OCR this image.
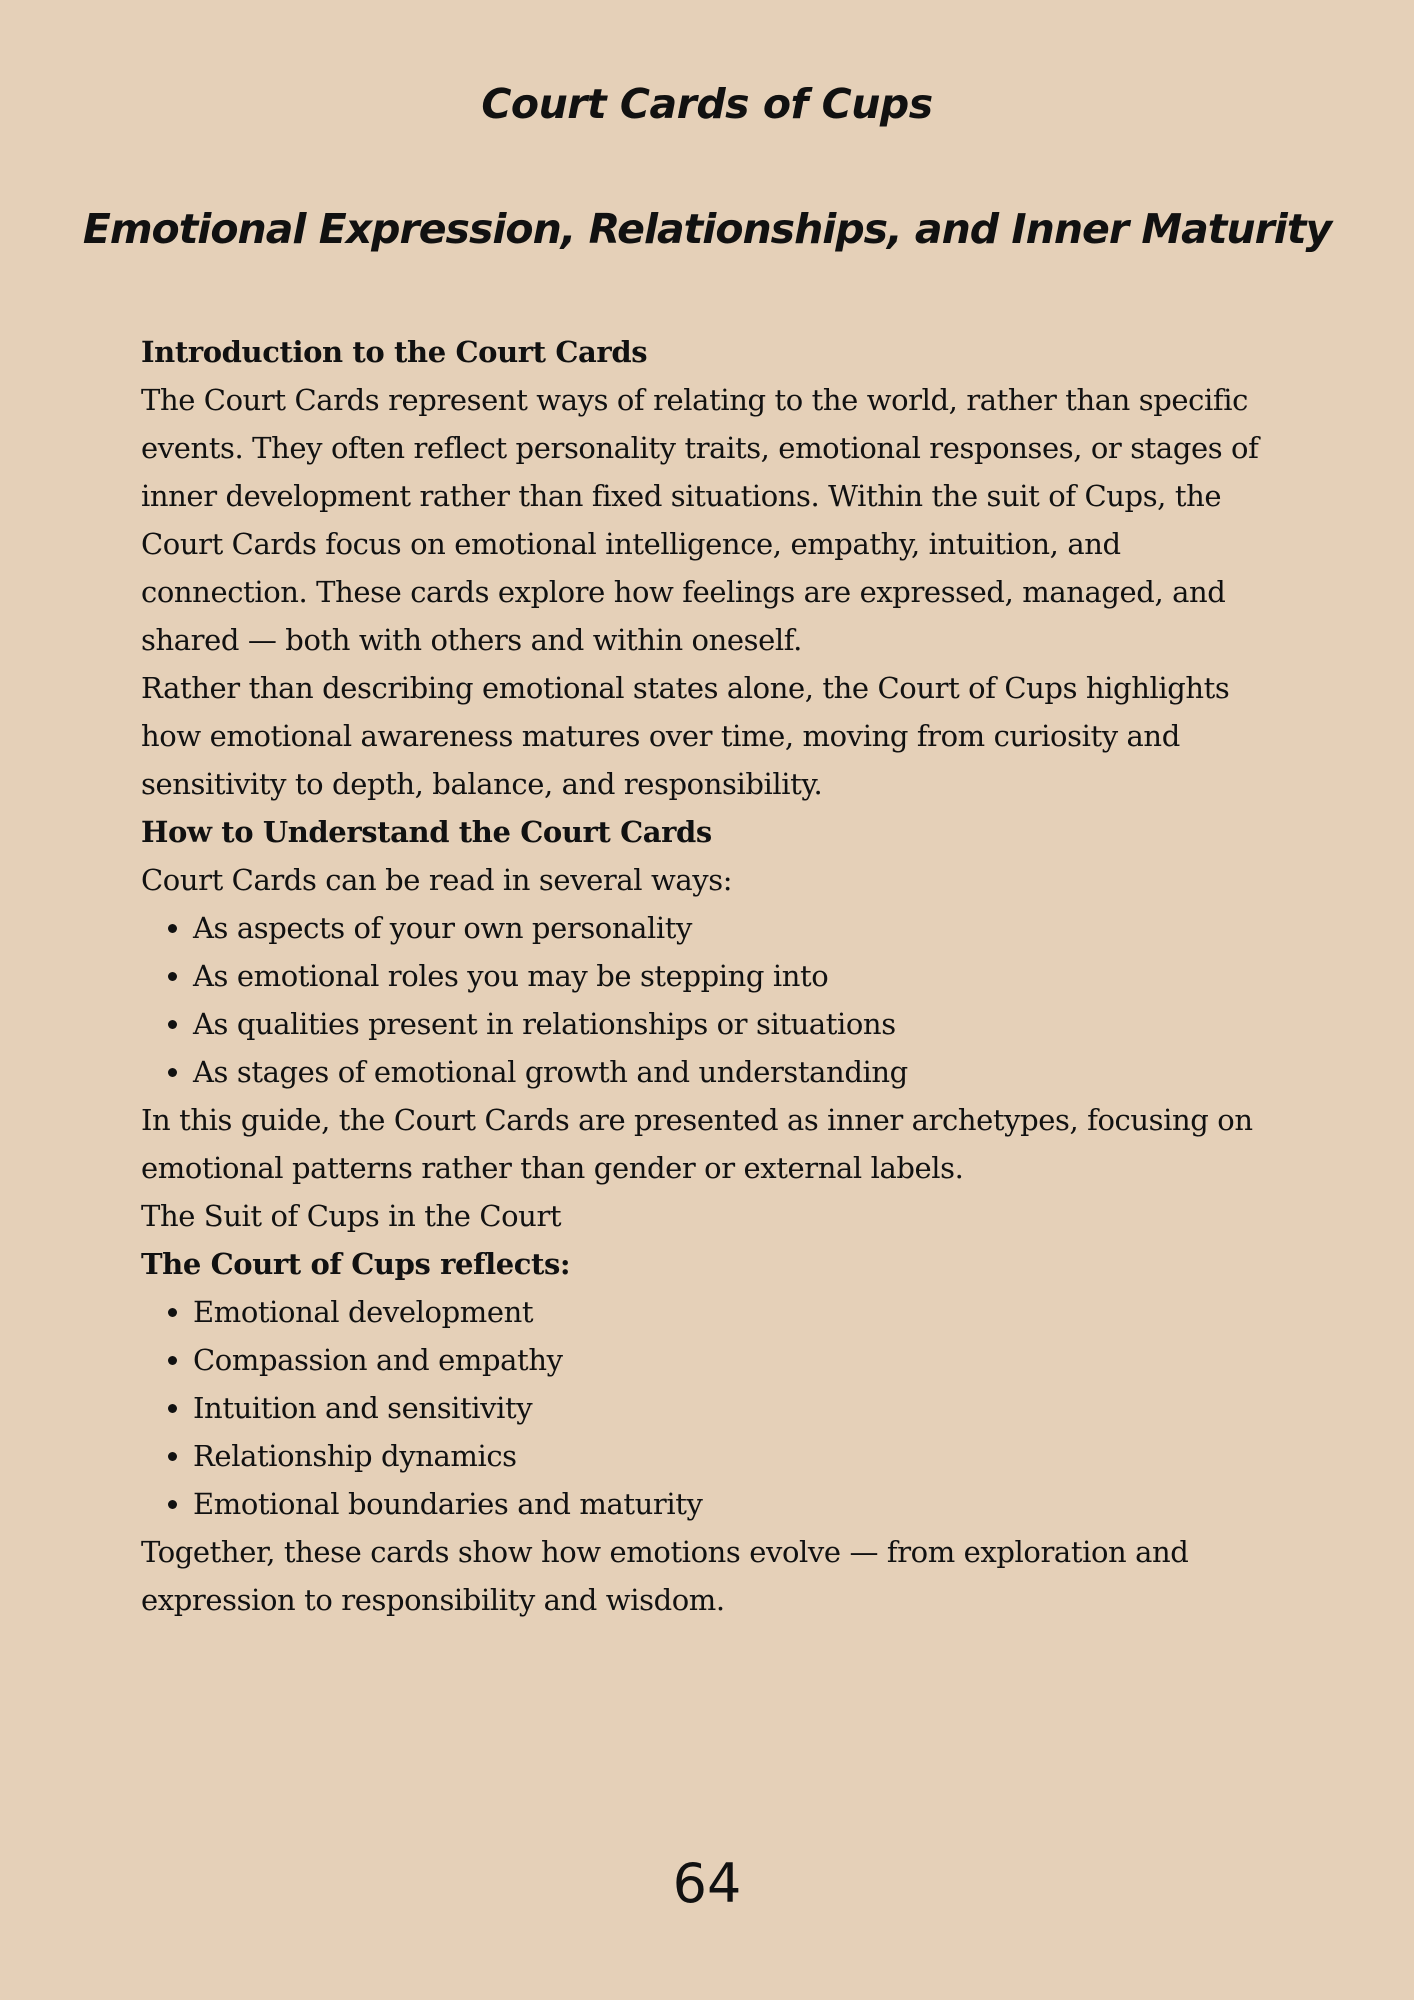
Court Cards of Cups
Emotional Expression, Relationships, and Inner Maturity

Introduction to the Court Cards

The Court Cards represent ways of relating to the world, rather than specific events. They often reflect personality traits, emotional responses, or stages of inner development rather than fixed situations. Within the suit of Cups, the Court Cards focus on emotional intelligence, empathy, intuition, and connection. These cards explore how feelings are expressed, managed, and shared — both with others and within oneself.

Rather than describing emotional states alone, the Court of Cups highlights how emotional awareness matures over time, moving from curiosity and sensitivity to depth, balance, and responsibility.

How to Understand the Court Cards

Court Cards can be read in several ways:

• As aspects of your own personality
• As emotional roles you may be stepping into
• As qualities present in relationships or situations
• As stages of emotional growth and understanding

In this guide, the Court Cards are presented as inner archetypes, focusing on emotional patterns rather than gender or external labels.

The Suit of Cups in the Court

The Court of Cups reflects:

• Emotional development
• Compassion and empathy
• Intuition and sensitivity
• Relationship dynamics
• Emotional boundaries and maturity

Together, these cards show how emotions evolve — from exploration and expression to responsibility and wisdom.

64
